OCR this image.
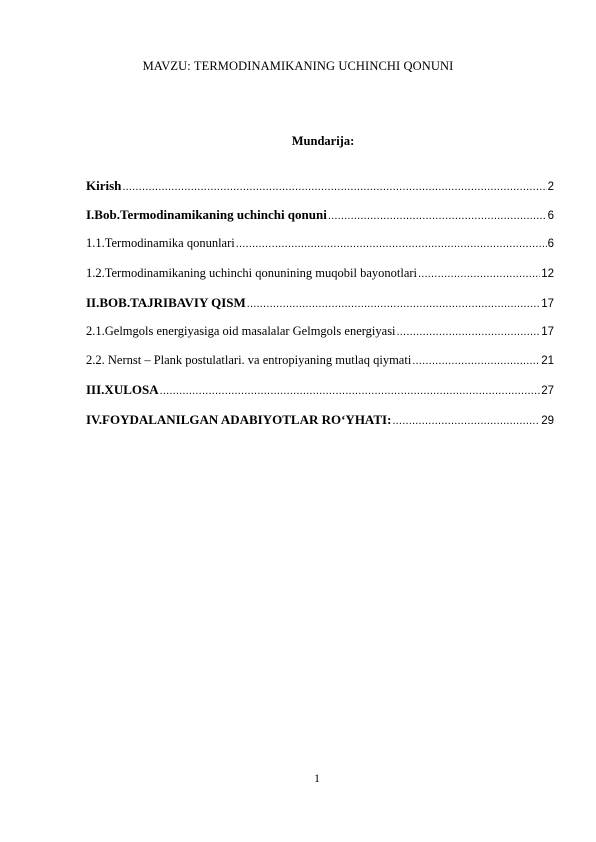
MAVZU: TERMODINAMIKANING UCHINCHI QONUNI
Mundarija:
Kirish .....	2
I.Bob.Termodinamikaning uchinchi qonuni .....	6
1.1.Termodinamika qonunlari .....	6
1.2.Termodinamikaning uchinchi qonunining muqobil bayonotlari .....	12
II.BOB.TAJRIBAVIY QISM .....	17
2.1.Gelmgols energiyasiga oid masalalar Gelmgols energiyasi .....	17
2.2. Nernst – Plank postulatlari. va entropiyaning mutlaq qiymati .....	21
III.XULOSA .....	27
IV.FOYDALANILGAN ADABIYOTLAR RO‘YHATI: .....	29
1
